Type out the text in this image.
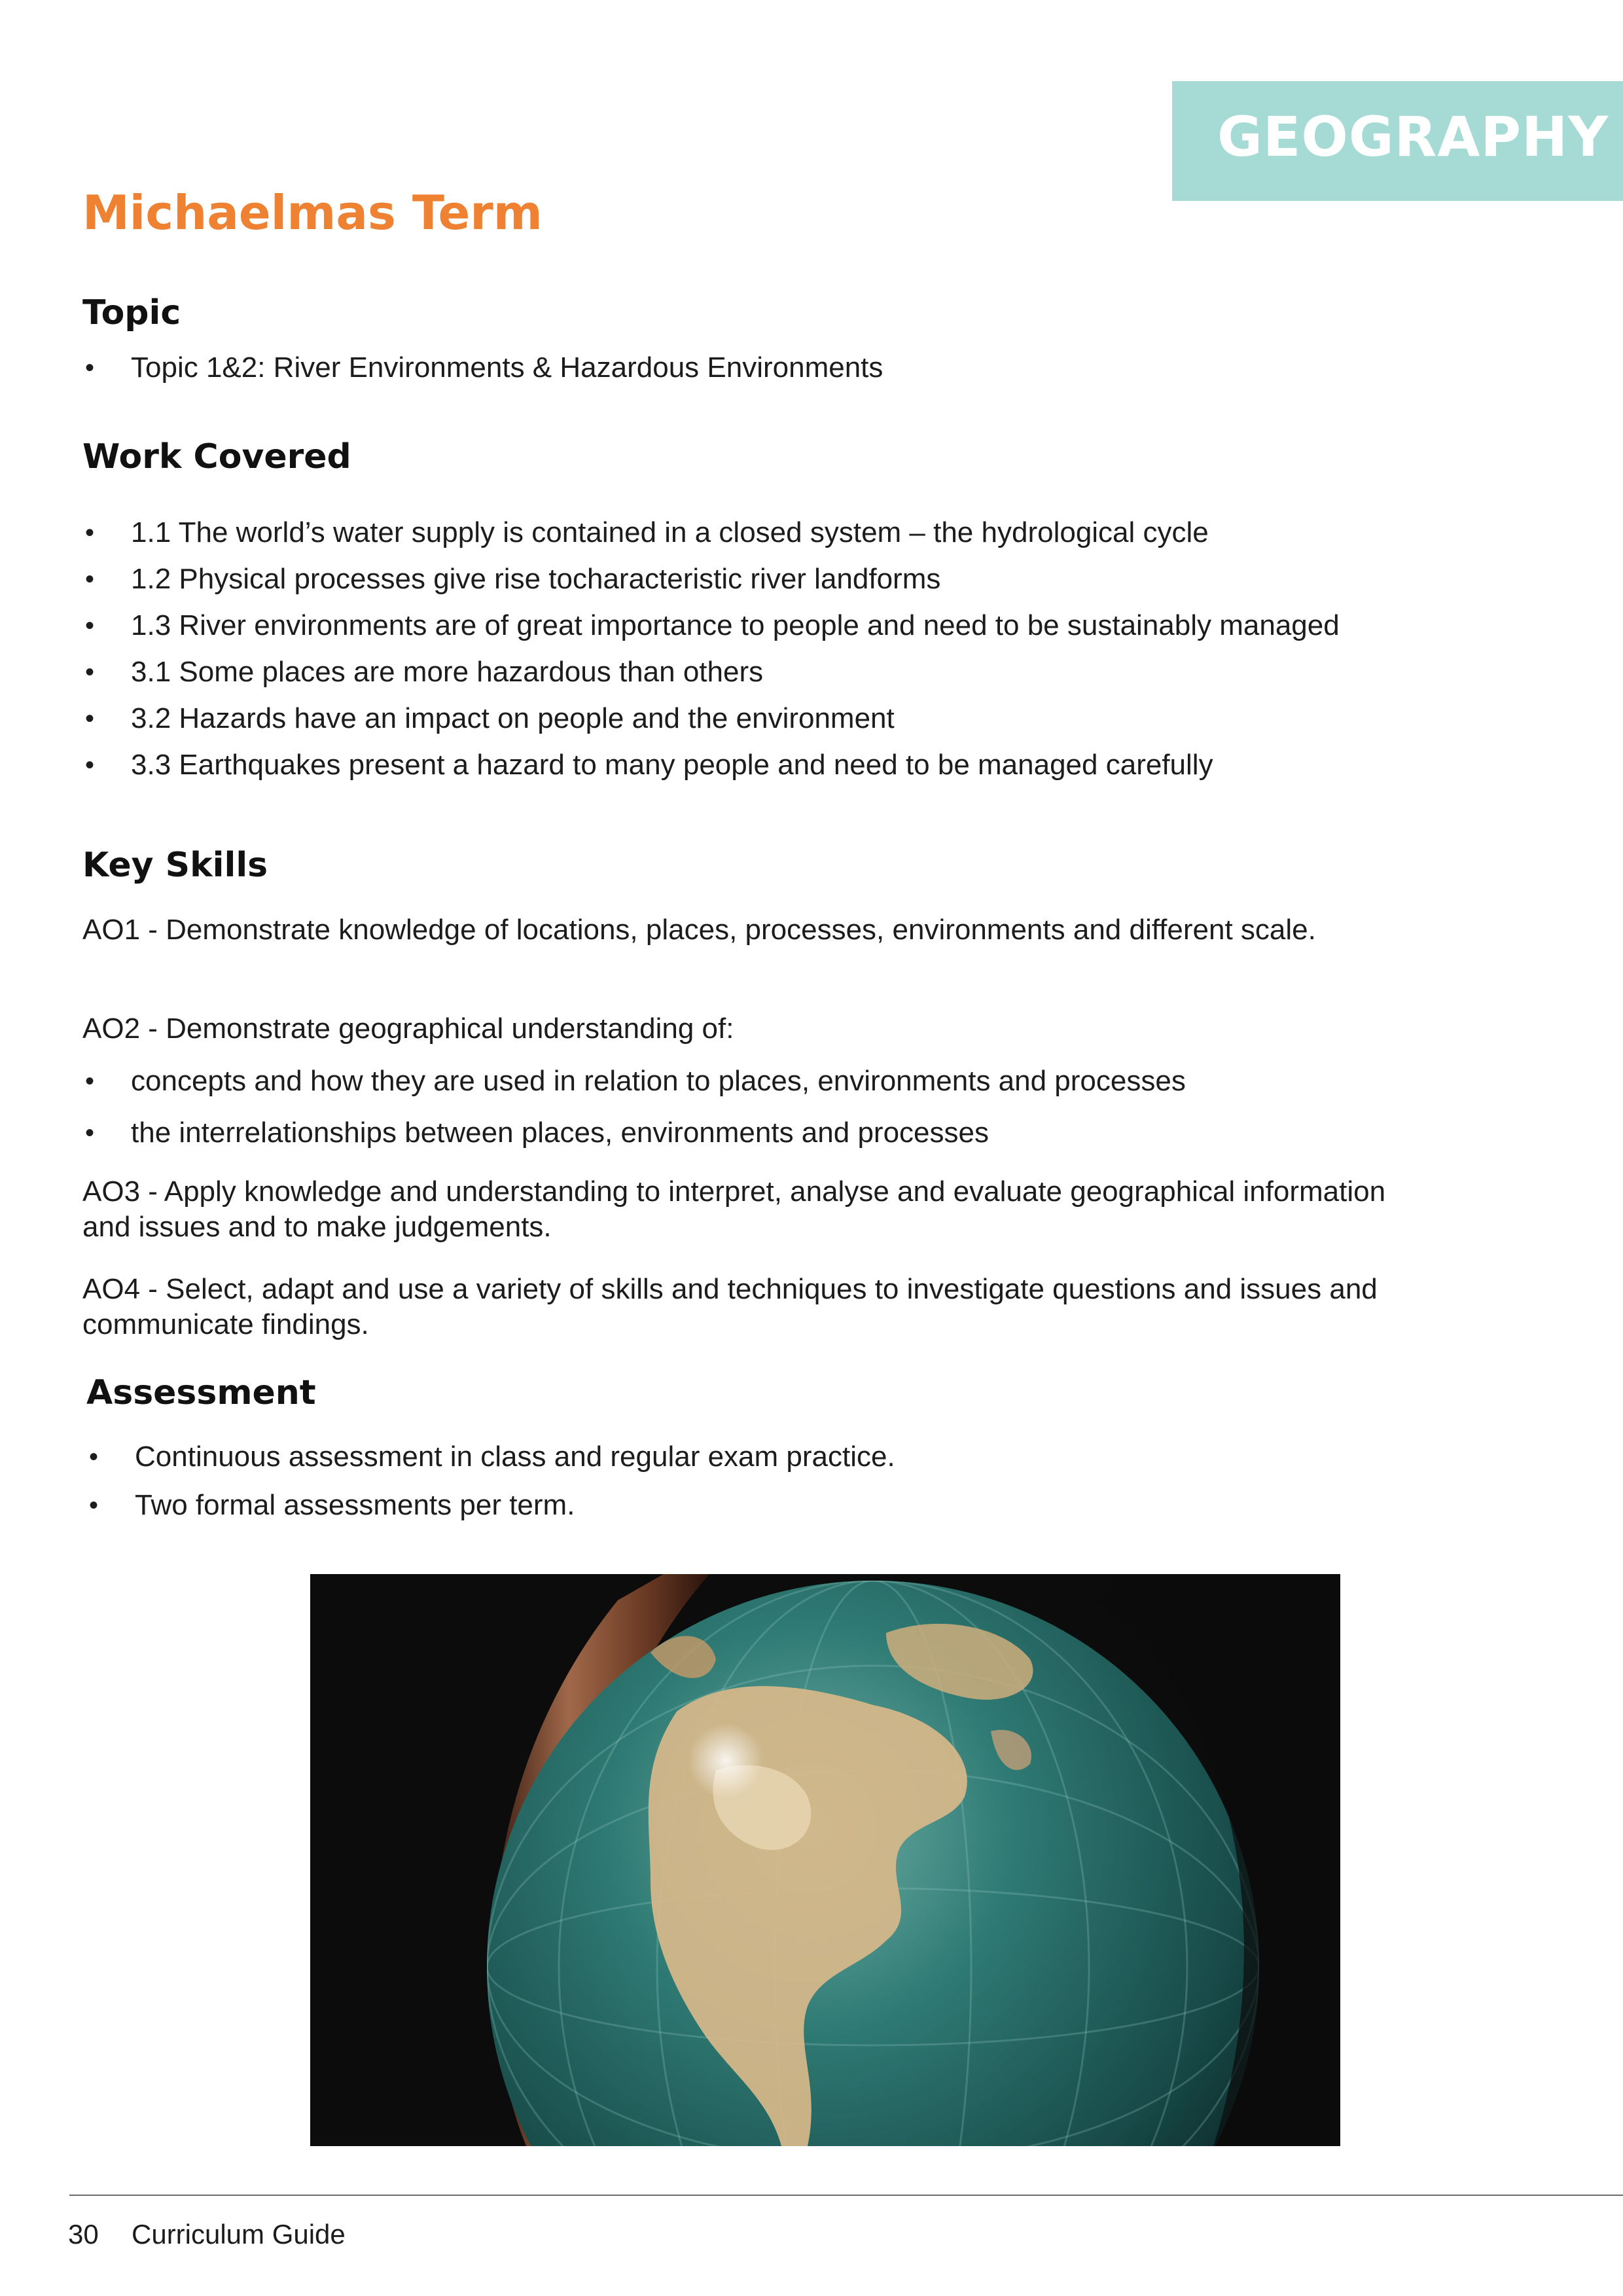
GEOGRAPHY
Michaelmas Term
Topic
• Topic 1&2: River Environments & Hazardous Environments
Work Covered
• 1.1 The world’s water supply is contained in a closed system – the hydrological cycle
• 1.2 Physical processes give rise tocharacteristic river landforms
• 1.3 River environments are of great importance to people and need to be sustainably managed
• 3.1 Some places are more hazardous than others
• 3.2 Hazards have an impact on people and the environment
• 3.3 Earthquakes present a hazard to many people and need to be managed carefully
Key Skills

AO1 - Demonstrate knowledge of locations, places, processes, environments and different scale.

AO2 - Demonstrate geographical understanding of:

• concepts and how they are used in relation to places, environments and processes
• the interrelationships between places, environments and processes

AO3 - Apply knowledge and understanding to interpret, analyse and evaluate geographical information and issues and to make judgements.

AO4 - Select, adapt and use a variety of skills and techniques to investigate questions and issues and communicate findings.

Assessment
• Continuous assessment in class and regular exam practice.
• Two formal assessments per term.
30 Curriculum Guide
